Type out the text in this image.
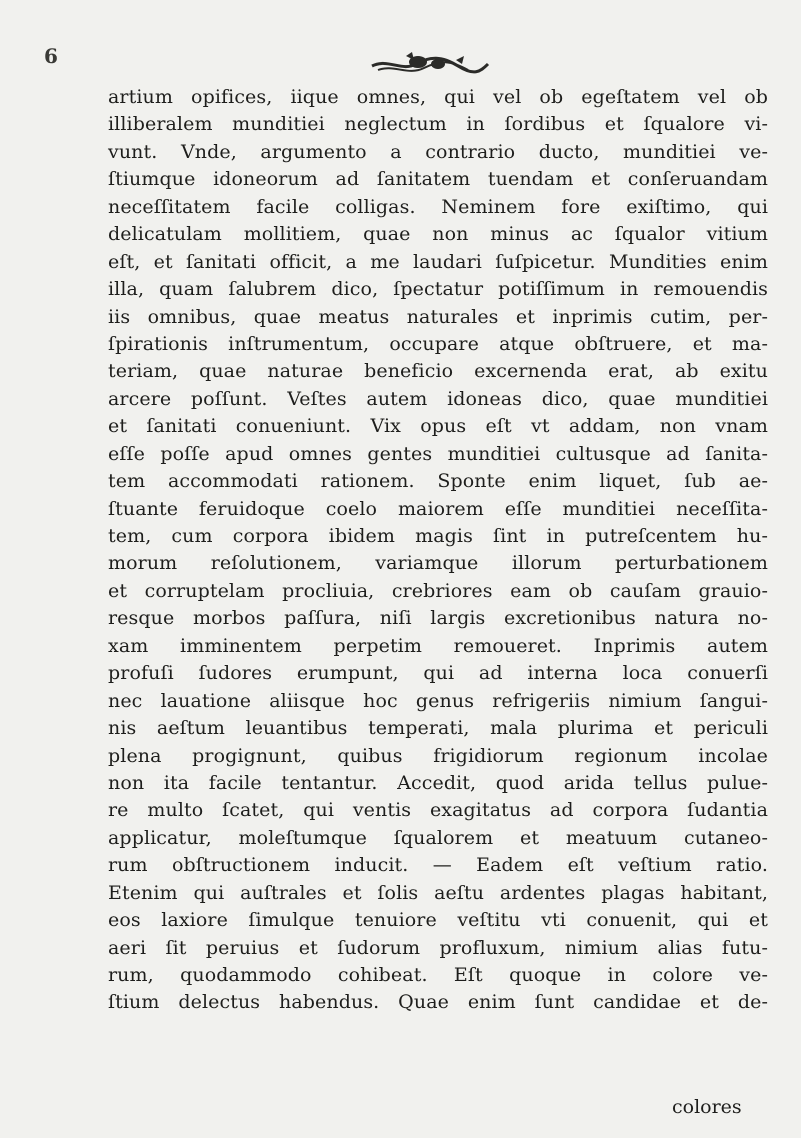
6
artium opifices, iique omnes, qui vel ob egeſtatem vel ob
illiberalem munditiei neglectum in ſordibus et ſqualore vi-
vunt. Vnde, argumento a contrario ducto, munditiei ve-
ſtiumque idoneorum ad ſanitatem tuendam et conſeruandam
neceſſitatem facile colligas. Neminem fore exiſtimo, qui
delicatulam mollitiem, quae non minus ac ſqualor vitium
eſt, et ſanitati officit, a me laudari ſuſpicetur. Mundities enim
illa, quam ſalubrem dico, ſpectatur potiſſimum in remouendis
iis omnibus, quae meatus naturales et inprimis cutim, per-
ſpirationis inſtrumentum, occupare atque obſtruere, et ma-
teriam, quae naturae beneficio excernenda erat, ab exitu
arcere poſſunt. Veſtes autem idoneas dico, quae munditiei
et ſanitati conueniunt. Vix opus eſt vt addam, non vnam
eſſe poſſe apud omnes gentes munditiei cultusque ad ſanita-
tem accommodati rationem. Sponte enim liquet, ſub ae-
ſtuante feruidoque coelo maiorem eſſe munditiei neceſſita-
tem, cum corpora ibidem magis ſint in putreſcentem hu-
morum reſolutionem, variamque illorum perturbationem
et corruptelam procliuia, crebriores eam ob cauſam grauio-
resque morbos paſſura, niſi largis excretionibus natura no-
xam imminentem perpetim remoueret. Inprimis autem
profuſi ſudores erumpunt, qui ad interna loca conuerſi
nec lauatione aliisque hoc genus refrigeriis nimium ſangui-
nis aeſtum leuantibus temperati, mala plurima et periculi
plena progignunt, quibus frigidiorum regionum incolae
non ita facile tentantur. Accedit, quod arida tellus pulue-
re multo ſcatet, qui ventis exagitatus ad corpora ſudantia
applicatur, moleſtumque ſqualorem et meatuum cutaneo-
rum obſtructionem inducit. — Eadem eſt veſtium ratio.
Etenim qui auſtrales et ſolis aeſtu ardentes plagas habitant,
eos laxiore ſimulque tenuiore veſtitu vti conuenit, qui et
aeri ſit peruius et ſudorum profluxum, nimium alias futu-
rum, quodammodo cohibeat. Eſt quoque in colore ve-
ſtium delectus habendus. Quae enim ſunt candidae et de-
colores
